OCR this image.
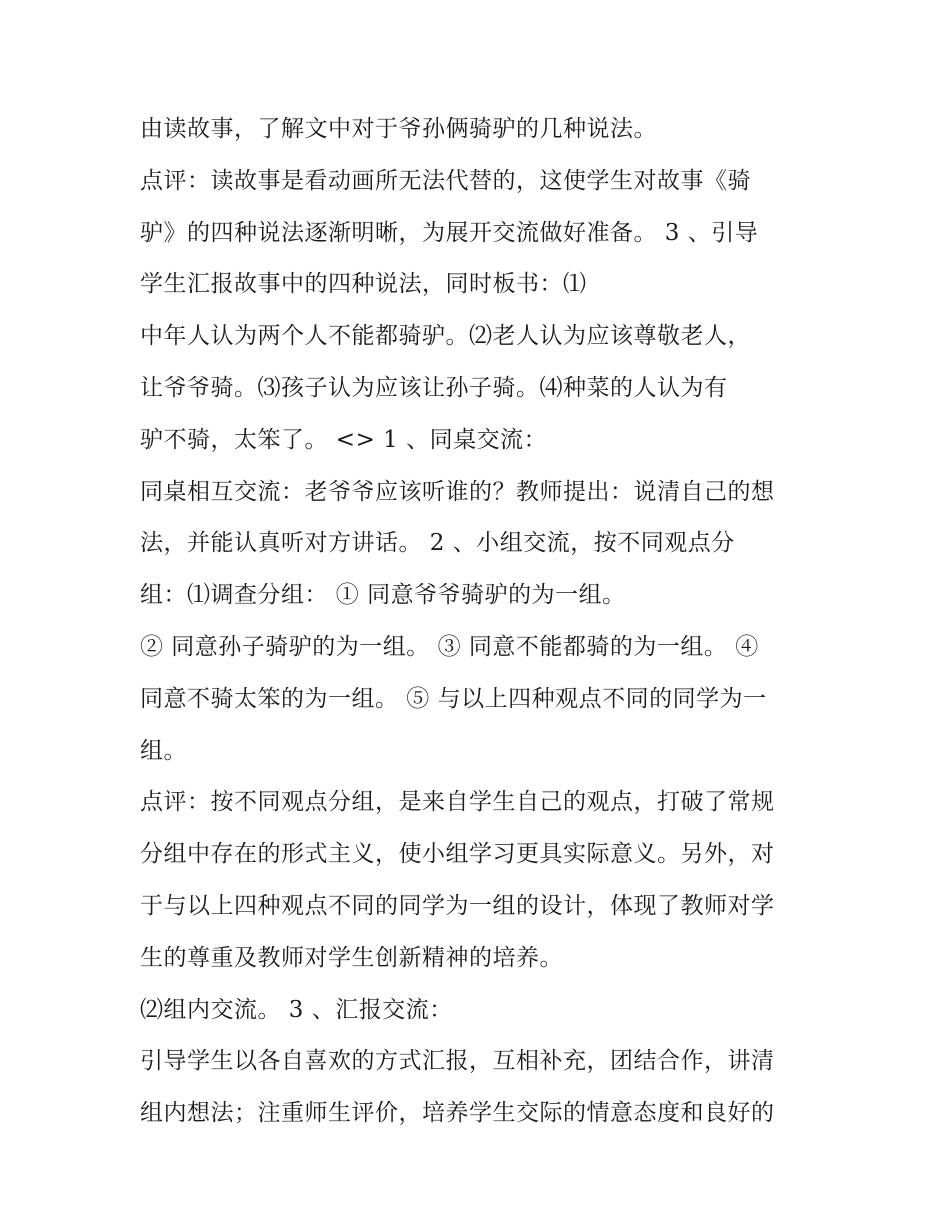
由读故事，了解文中对于爷孙俩骑驴的几种说法。
点评：读故事是看动画所无法代替的，这使学生对故事《骑
驴》的四种说法逐渐明晰，为展开交流做好准备。 3 、引导
学生汇报故事中的四种说法，同时板书：⑴
中年人认为两个人不能都骑驴。⑵老人认为应该尊敬老人，
让爷爷骑。⑶孩子认为应该让孙子骑。⑷种菜的人认为有
驴不骑，太笨了。 <> 1 、同桌交流：
同桌相互交流：老爷爷应该听谁的？教师提出：说清自己的想
法，并能认真听对方讲话。 2 、小组交流，按不同观点分
组：⑴调查分组： ① 同意爷爷骑驴的为一组。
② 同意孙子骑驴的为一组。 ③ 同意不能都骑的为一组。 ④
同意不骑太笨的为一组。 ⑤ 与以上四种观点不同的同学为一
组。
点评：按不同观点分组，是来自学生自己的观点，打破了常规
分组中存在的形式主义，使小组学习更具实际意义。另外，对
于与以上四种观点不同的同学为一组的设计，体现了教师对学
生的尊重及教师对学生创新精神的培养。
⑵组内交流。 3 、汇报交流：
引导学生以各自喜欢的方式汇报，互相补充，团结合作，讲清
组内想法；注重师生评价，培养学生交际的情意态度和良好的
